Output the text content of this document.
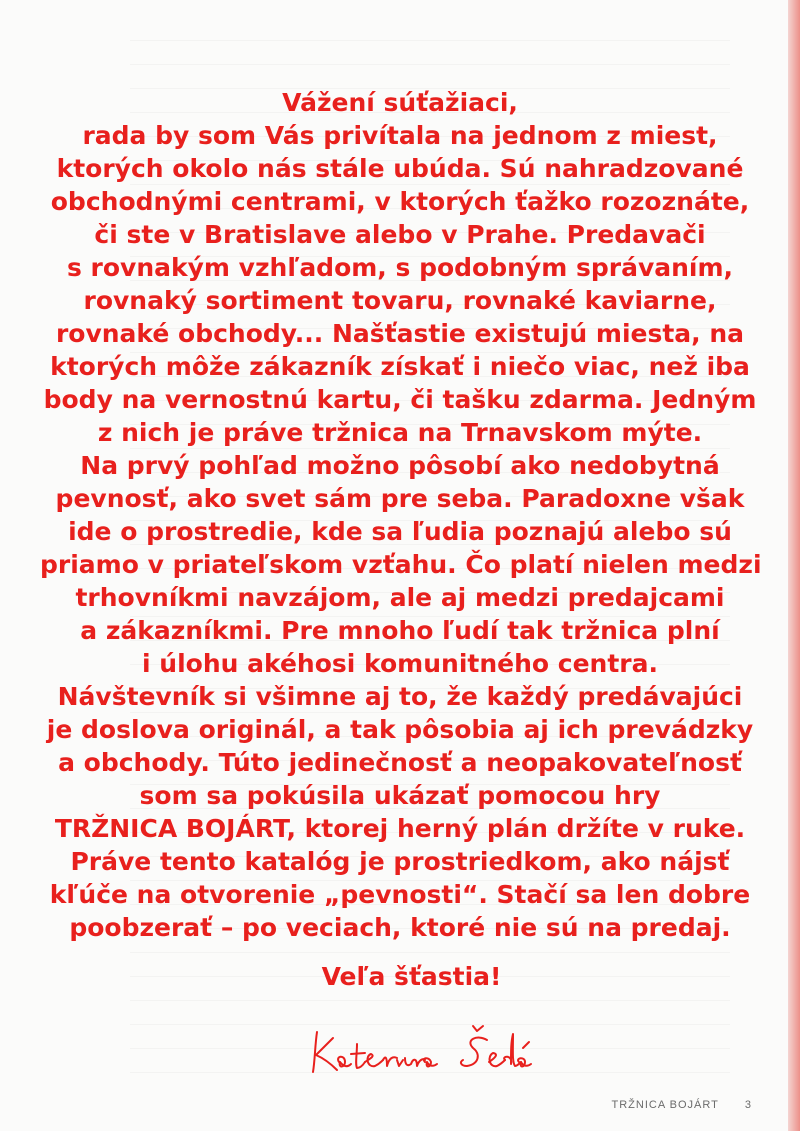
Vážení súťažiaci,
rada by som Vás privítala na jednom z miest,
ktorých okolo nás stále ubúda. Sú nahradzované
obchodnými centrami, v ktorých ťažko rozoznáte,
či ste v Bratislave alebo v Prahe. Predavači
s rovnakým vzhľadom, s podobným správaním,
rovnaký sortiment tovaru, rovnaké kaviarne,
rovnaké obchody... Našťastie existujú miesta, na
ktorých môže zákazník získať i niečo viac, než iba
body na vernostnú kartu, či tašku zdarma. Jedným
z nich je práve tržnica na Trnavskom mýte.
Na prvý pohľad možno pôsobí ako nedobytná
pevnosť, ako svet sám pre seba. Paradoxne však
ide o prostredie, kde sa ľudia poznajú alebo sú
priamo v priateľskom vzťahu. Čo platí nielen medzi
trhovníkmi navzájom, ale aj medzi predajcami
a zákazníkmi. Pre mnoho ľudí tak tržnica plní
i úlohu akéhosi komunitného centra.
Návštevník si všimne aj to, že každý predávajúci
je doslova originál, a tak pôsobia aj ich prevádzky
a obchody. Túto jedinečnosť a neopakovateľnosť
som sa pokúsila ukázať pomocou hry
TRŽNICA BOJÁRT, ktorej herný plán držíte v ruke.
Práve tento katalóg je prostriedkom, ako nájsť
kľúče na otvorenie „pevnosti“. Stačí sa len dobre
poobzerať – po veciach, ktoré nie sú na predaj.
Veľa šťastia!
TRŽNICA BOJÁRT 3
